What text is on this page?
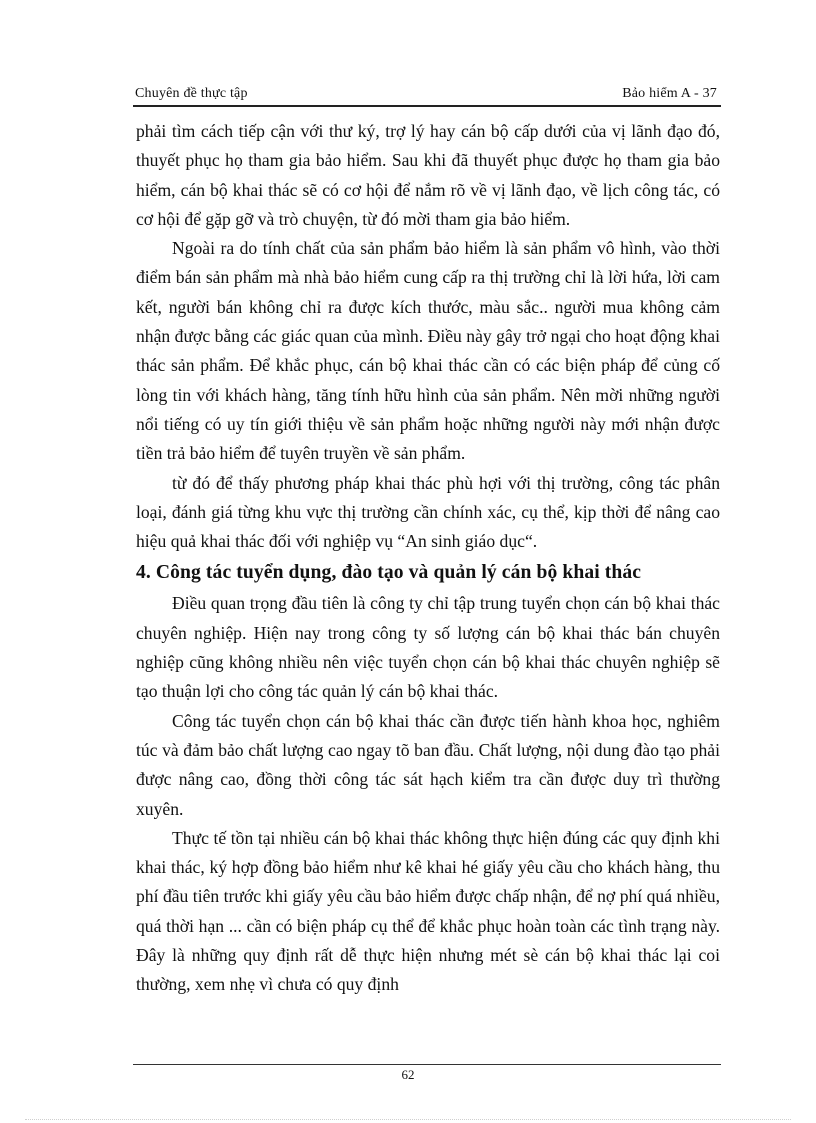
Chuyên đề thực tập	Bảo hiểm A - 37

phải tìm cách tiếp cận với thư ký, trợ lý hay cán bộ cấp dưới của vị lãnh đạo đó, thuyết phục họ tham gia bảo hiểm. Sau khi đã thuyết phục được họ tham gia bảo hiểm, cán bộ khai thác sẽ có cơ hội để nắm rõ về vị lãnh đạo, về lịch công tác, có cơ hội để gặp gỡ và trò chuyện, từ đó mời tham gia bảo hiểm.

Ngoài ra do tính chất của sản phẩm bảo hiểm là sản phẩm vô hình, vào thời điểm bán sản phẩm mà nhà bảo hiểm cung cấp ra thị trường chỉ là lời hứa, lời cam kết, người bán không chỉ ra được kích thước, màu sắc.. người mua không cảm nhận được bằng các giác quan của mình. Điều này gây trở ngại cho hoạt động khai thác sản phẩm. Để khắc phục, cán bộ khai thác cần có các biện pháp để củng cố lòng tin với khách hàng, tăng tính hữu hình của sản phẩm. Nên mời những người nổi tiếng có uy tín giới thiệu về sản phẩm hoặc những người này mới nhận được tiền trả bảo hiểm để tuyên truyền về sản phẩm.

từ đó để thấy phương pháp khai thác phù hợi với thị trường, công tác phân loại, đánh giá từng khu vực thị trường cần chính xác, cụ thể, kịp thời để nâng cao hiệu quả khai thác đối với nghiệp vụ “An sinh giáo dục“.

4. Công tác tuyển dụng, đào tạo và quản lý cán bộ khai thác

Điều quan trọng đầu tiên là công ty chỉ tập trung tuyển chọn cán bộ khai thác chuyên nghiệp. Hiện nay trong công ty số lượng cán bộ khai thác bán chuyên nghiệp cũng không nhiều nên việc tuyển chọn cán bộ khai thác chuyên nghiệp sẽ tạo thuận lợi cho công tác quản lý cán bộ khai thác.

Công tác tuyển chọn cán bộ khai thác cần được tiến hành khoa học, nghiêm túc và đảm bảo chất lượng cao ngay tõ ban đầu. Chất lượng, nội dung đào tạo phải được nâng cao, đồng thời công tác sát hạch kiểm tra cần được duy trì thường xuyên.

Thực tế tồn tại nhiều cán bộ khai thác không thực hiện đúng các quy định khi khai thác, ký hợp đồng bảo hiểm như kê khai hé giấy yêu cầu cho khách hàng, thu phí đầu tiên trước khi giấy yêu cầu bảo hiểm được chấp nhận, để nợ phí quá nhiều, quá thời hạn ... cần có biện pháp cụ thể để khắc phục hoàn toàn các tình trạng này. Đây là những quy định rất dễ thực hiện nhưng mét sè cán bộ khai thác lại coi thường, xem nhẹ vì chưa có quy định

62
